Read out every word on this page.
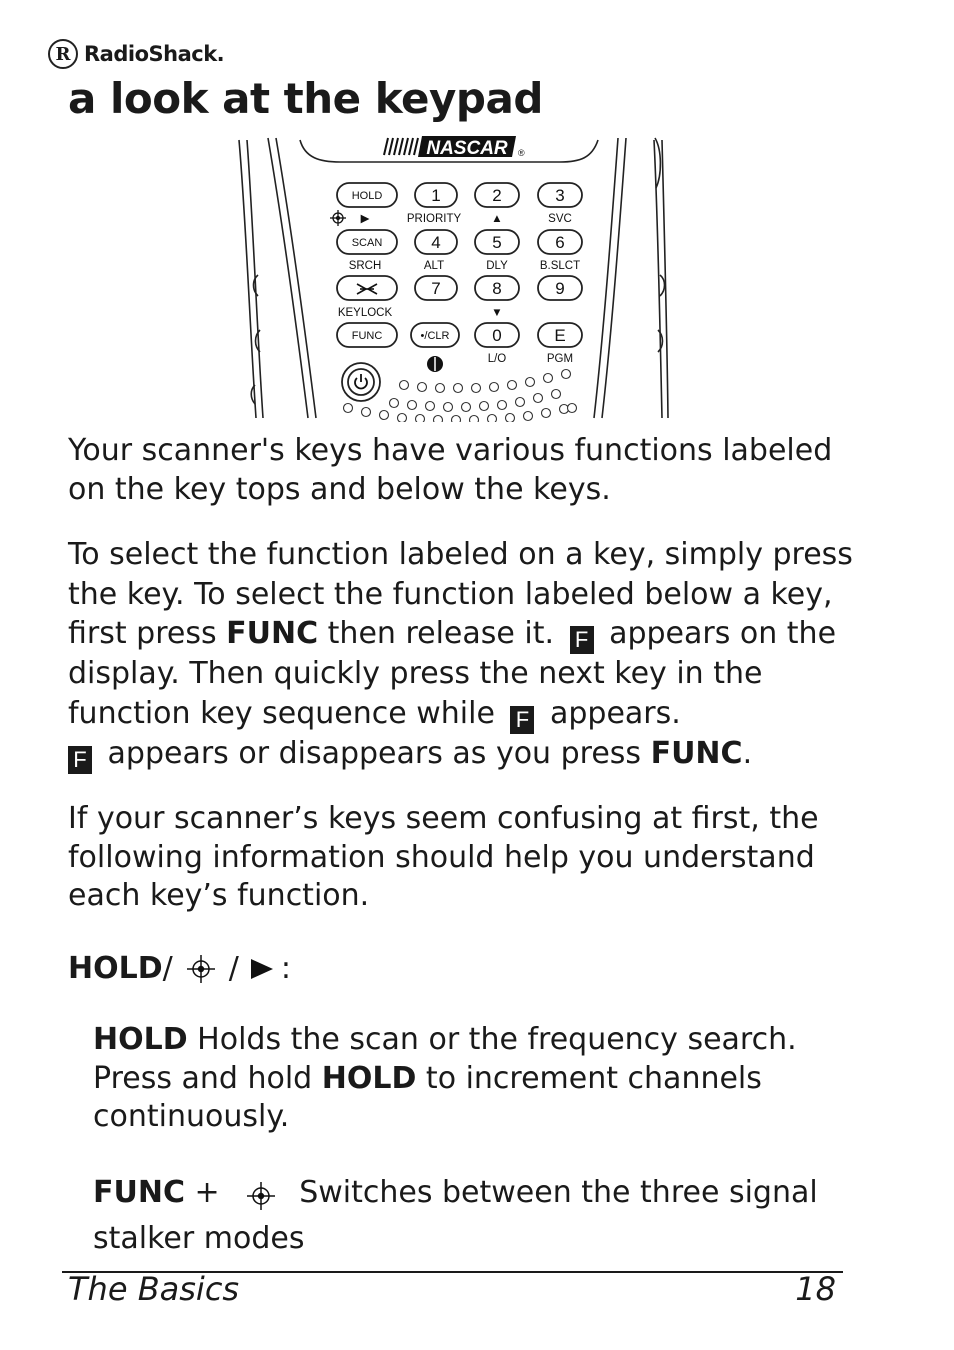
R RadioShack.
a look at the keypad
NASCAR ®
HOLD
SCAN
FUNC	•/CLR
1	2	3
4	5	6
7	8	9
0	E
▶	PRIORITY	▲	SVC
SRCH	ALT	DLY	B.SLCT
KEYLOCK	▼
L/O	PGM
Your scanner's keys have various functions labeled on the key tops and below the keys.
To select the function labeled on a key, simply press the key. To select the function labeled below a key, first press FUNC then release it. F appears on the display. Then quickly press the next key in the function key sequence while F appears.
F appears or disappears as you press FUNC.
If your scanner’s keys seem confusing at first, the following information should help you understand each key’s function.
HOLD / / :
HOLD Holds the scan or the frequency search. Press and hold HOLD to increment channels continuously.
FUNC + Switches between the three signal stalker modes
The Basics	18
